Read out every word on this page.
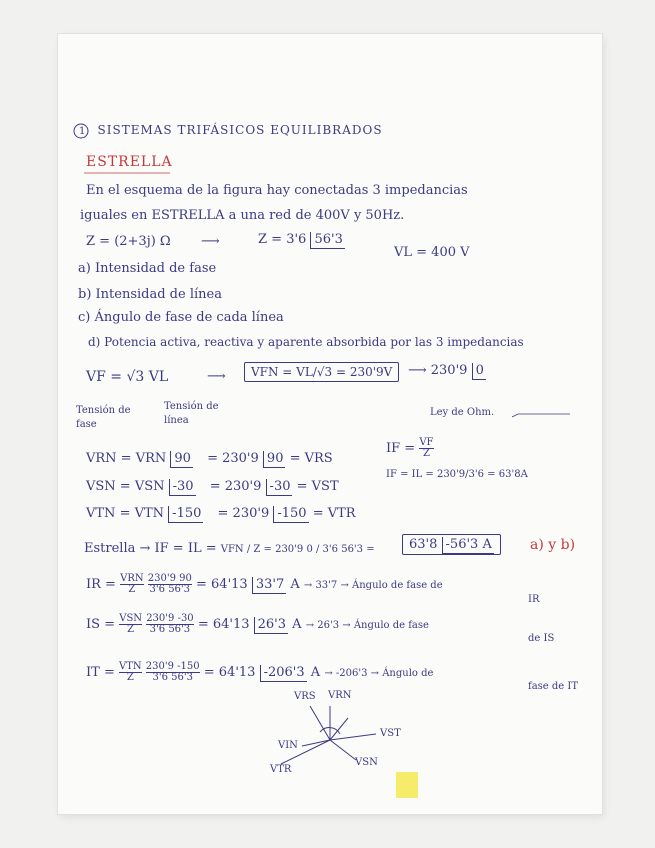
1 SISTEMAS TRIFÁSICOS EQUILIBRADOS
ESTRELLA
En el esquema de la figura hay conectadas 3 impedancias
iguales en ESTRELLA a una red de 400V y 50Hz.
Z = (2+3j) Ω ⟶	Z = 3'6 56'3
VL = 400 V
a) Intensidad de fase
b) Intensidad de línea
c) Ángulo de fase de cada línea
d) Potencia activa, reactiva y aparente absorbida por las 3 impedancias
VF = √3 VL	⟶	VFN = VL/√3 = 230'9V	⟶ 230'9 0
Tensión de fase
Tensión de línea
Ley de Ohm.
VRN = VRN 90 = 230'9 90 = VRS
VSN = VSN -30 = 230'9 -30 = VST
VTN = VTN -150 = 230'9 -150 = VTR
IF = $\frac{VF}{Z}$
IF = IL = 230'9/3'6 = 63'8A
Estrella → IF = IL = VFN / Z = 230'9 0 / 3'6 56'3 =	63'8 -56'3 A	a) y b)
IR = VRN
Z
	$\frac{230'9 90}{3'6 56'3} = 64'13$ 33'7 A → 33'7 → Ángulo de fase de
IR
IS = VSN
Z
	$\frac{230'9 -30}{3'6 56'3} = 64'13$ 26'3 A → 26'3 → Ángulo de fase
de IS
IT = VTN
Z
	$\frac{230'9 -150}{3'6 56'3} = 64'13$ -206'3 A → -206'3 → Ángulo de
fase de IT
VRS VRN
VIN
VST
VSN
VTR
